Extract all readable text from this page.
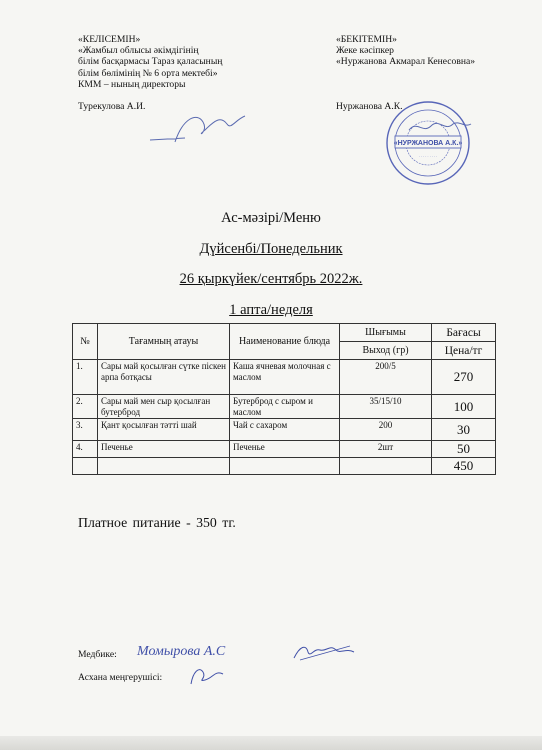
«КЕЛІСЕМІН»
«Жамбыл облысы әкімдігінің
білім басқармасы Тараз қаласының
білім бөлімінің № 6 орта мектебі»
КММ – нының директоры
Турекулова А.И.
«БЕКІТЕМІН»
Жеке кәсіпкер
«Нуржанова Акмарал Кенесовна»
Нуржанова А.К.
«НУРЖАНОВА А.К.»
· · · · · · · · ·
Ас-мәзірі/Меню
Дүйсенбі/Понедельник
26 қыркүйек/сентябрь 2022ж.
1 апта/неделя
№	Тағамның атауы	Наименование блюда	Шығымы	Бағасы
			Выход (гр)	Цена/тг
1.	Сары май қосылған сүтке піскен арпа ботқасы	Каша ячневая молочная с маслом	200/5	270
2.	Сары май мен сыр қосылған бутерброд	Бутерброд с сыром и маслом	35/15/10	100
3.	Қант қосылған тәтті шай	Чай с сахаром	200	30
4.	Печенье	Печенье	2шт	50
				450
Платное питание - 350 тг.
Медбике: Момырова А.С
Асхана меңгерушісі:
